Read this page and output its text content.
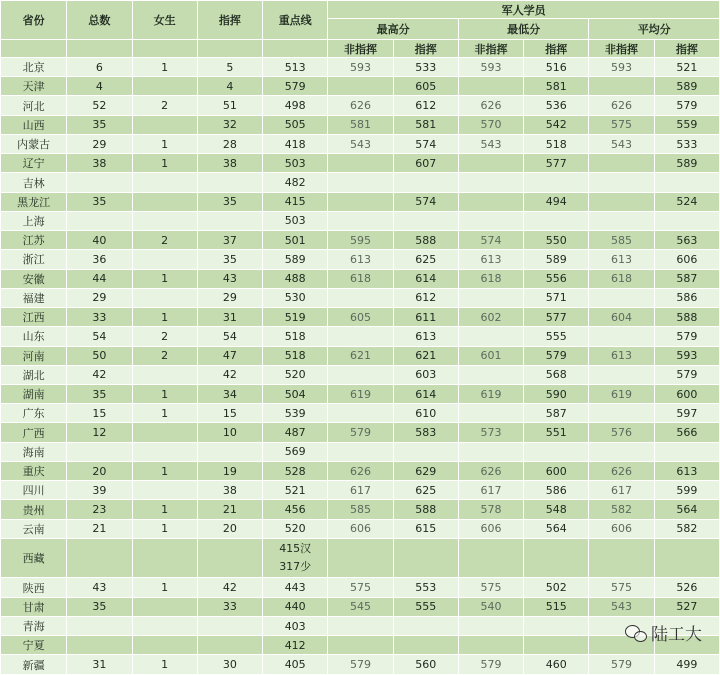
省份	总数	女生	指挥	重点线	军人学员					
					最高分		最低分		平均分	
					非指挥	指挥	非指挥	指挥	非指挥	指挥
北京	6	1	5	513	593	533	593	516	593	521
天津	4		4	579		605		581		589
河北	52	2	51	498	626	612	626	536	626	579
山西	35		32	505	581	581	570	542	575	559
内蒙古	29	1	28	418	543	574	543	518	543	533
辽宁	38	1	38	503		607		577		589
吉林				482						
黑龙江	35		35	415		574		494		524
上海				503						
江苏	40	2	37	501	595	588	574	550	585	563
浙江	36		35	589	613	625	613	589	613	606
安徽	44	1	43	488	618	614	618	556	618	587
福建	29		29	530		612		571		586
江西	33	1	31	519	605	611	602	577	604	588
山东	54	2	54	518		613		555		579
河南	50	2	47	518	621	621	601	579	613	593
湖北	42		42	520		603		568		579
湖南	35	1	34	504	619	614	619	590	619	600
广东	15	1	15	539		610		587		597
广西	12		10	487	579	583	573	551	576	566
海南				569						
重庆	20	1	19	528	626	629	626	600	626	613
四川	39		38	521	617	625	617	586	617	599
贵州	23	1	21	456	585	588	578	548	582	564
云南	21	1	20	520	606	615	606	564	606	582
西藏				415汉
317少						

陕西	43	1	42	443	575	553	575	502	575	526
甘肃	35		33	440	545	555	540	515	543	527
青海				403						
宁夏				412						
新疆	31	1	30	405	579	560	579	460	579	499
陆工大
